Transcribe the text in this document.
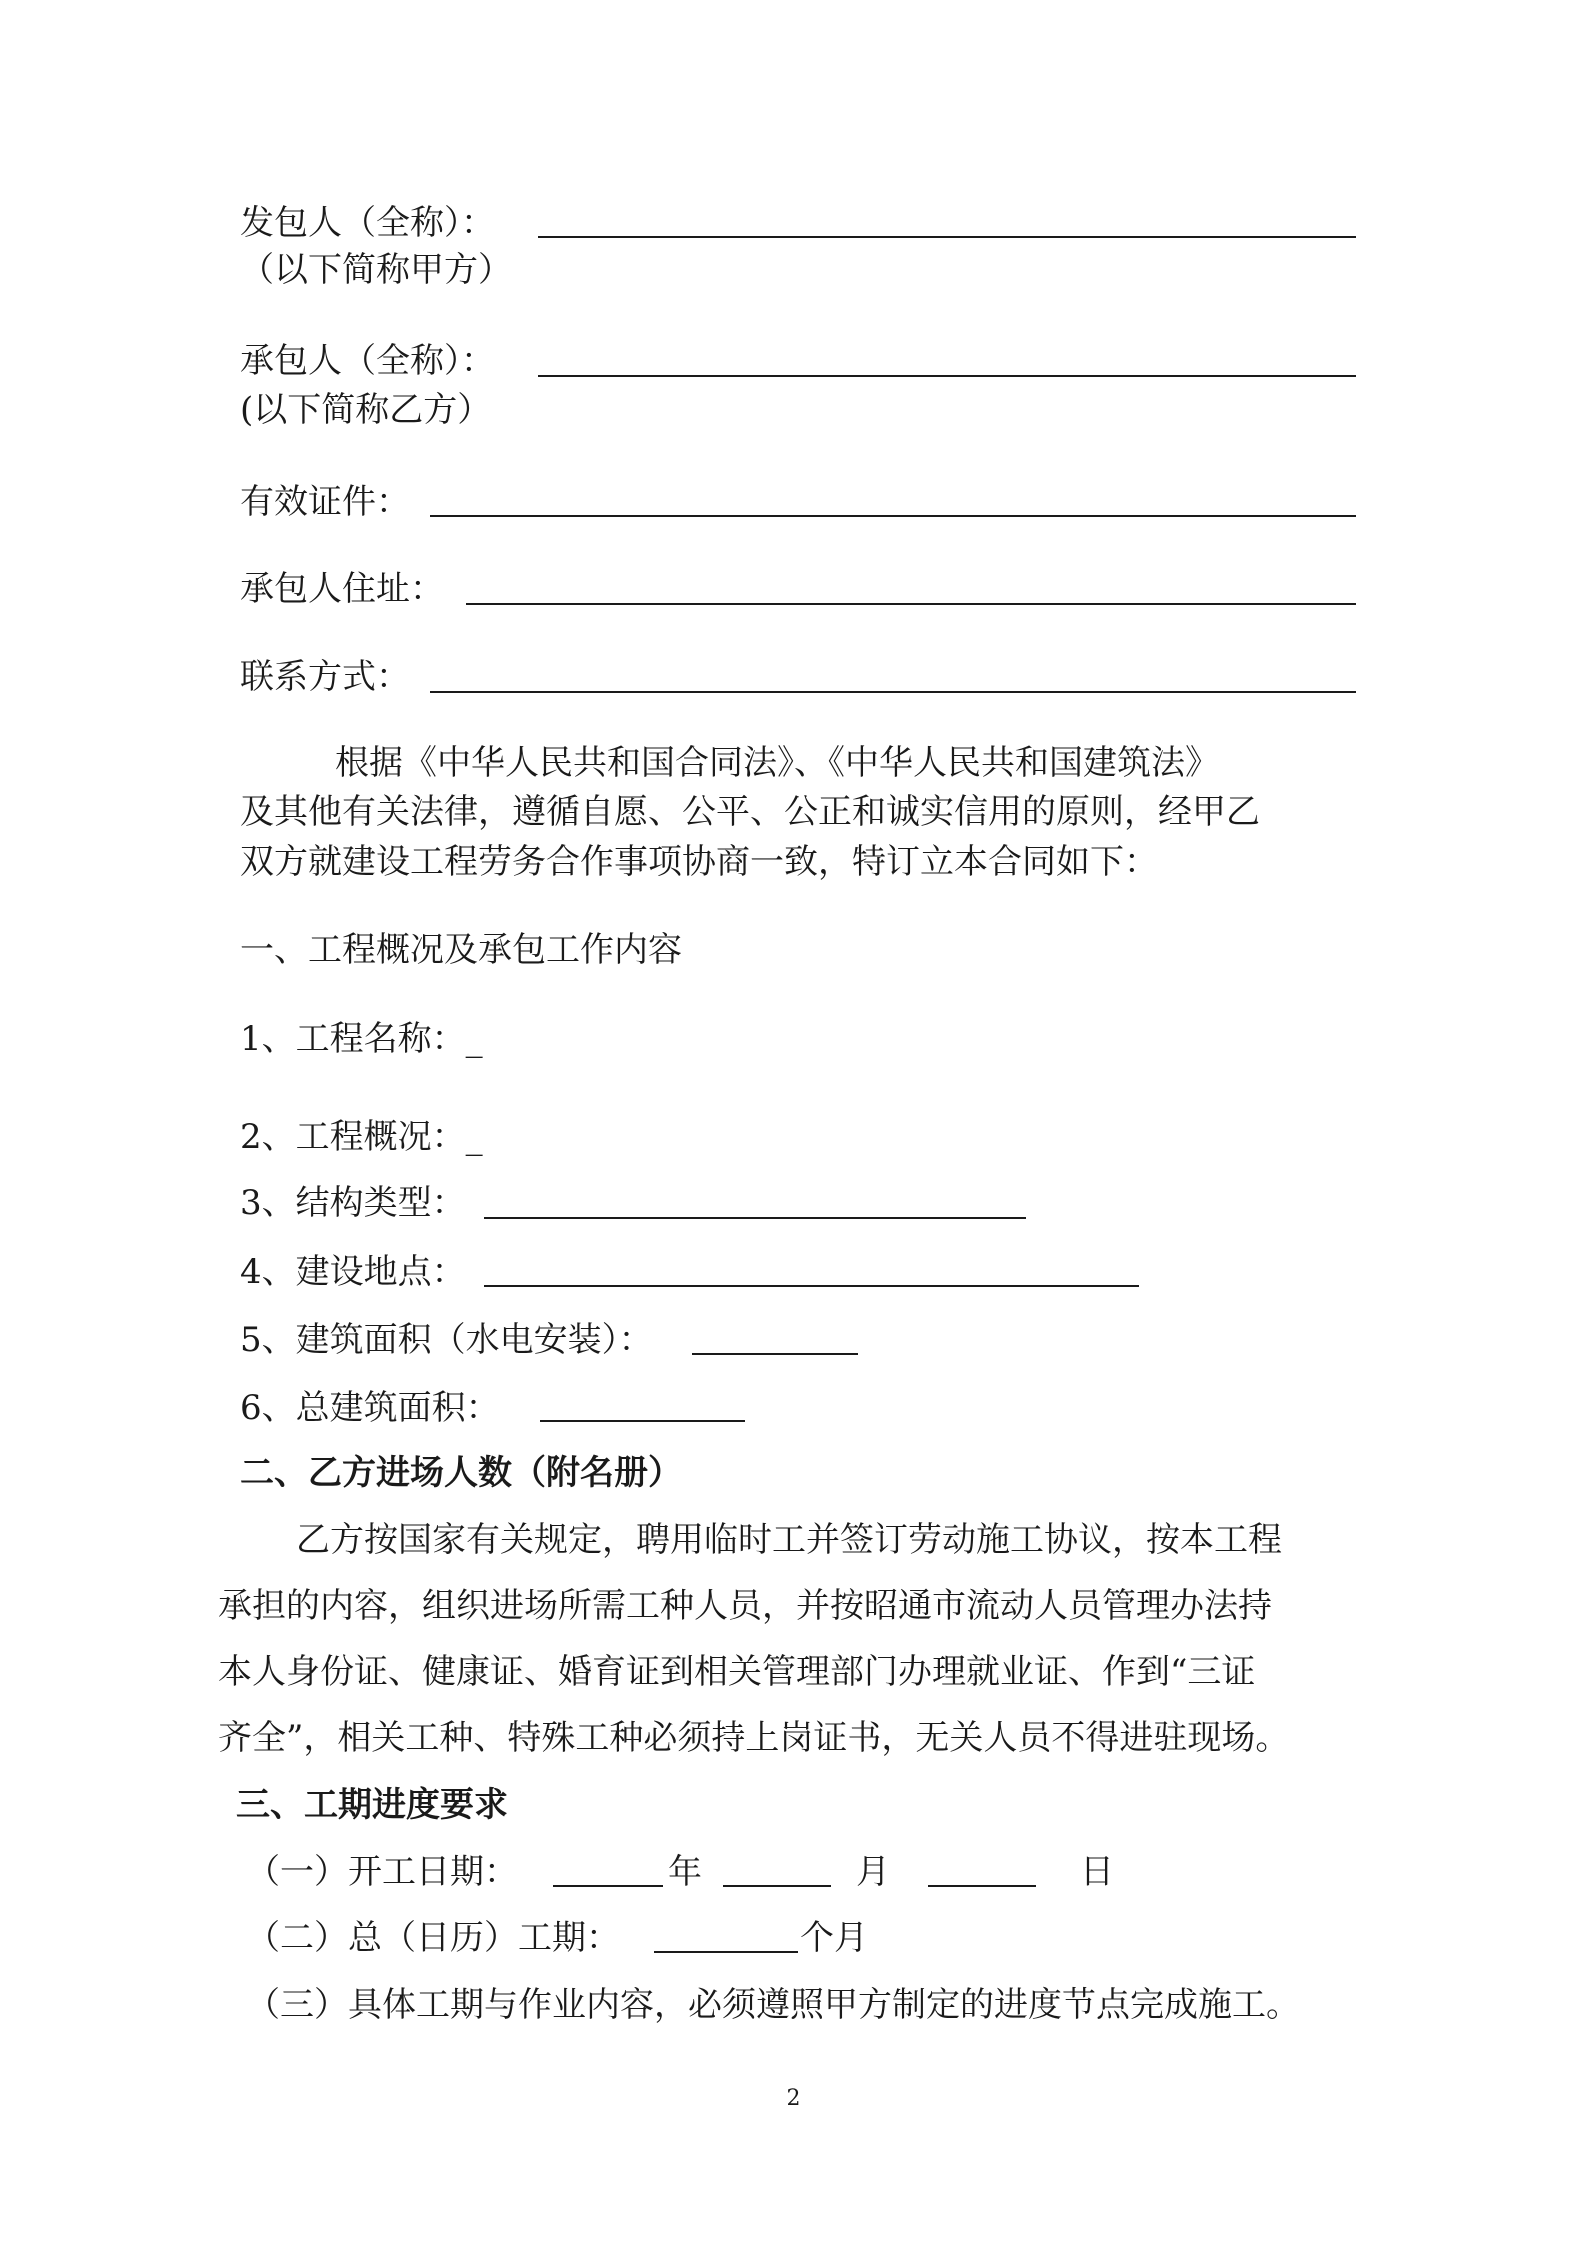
发包人（全称）：
（以下简称甲方）
承包人（全称）：
(以下简称乙方）
有效证件：
承包人住址：
联系方式：
根据《中华人民共和国合同法》、《中华人民共和国建筑法》
及其他有关法律，遵循自愿、公平、公正和诚实信用的原则，经甲乙
双方就建设工程劳务合作事项协商一致，特订立本合同如下：
一、工程概况及承包工作内容
1、工程名称：_
2、工程概况：_
3、结构类型：
4、建设地点：
5、建筑面积（水电安装）：
6、总建筑面积：
二、乙方进场人数（附名册）
乙方按国家有关规定，聘用临时工并签订劳动施工协议，按本工程
承担的内容，组织进场所需工种人员，并按昭通市流动人员管理办法持
本人身份证、健康证、婚育证到相关管理部门办理就业证、作到“三证
齐全”，相关工种、特殊工种必须持上岗证书，无关人员不得进驻现场。
三、工期进度要求
（一）开工日期：	年	月	日
（二）总（日历）工期：	个月
（三）具体工期与作业内容，必须遵照甲方制定的进度节点完成施工。
2
